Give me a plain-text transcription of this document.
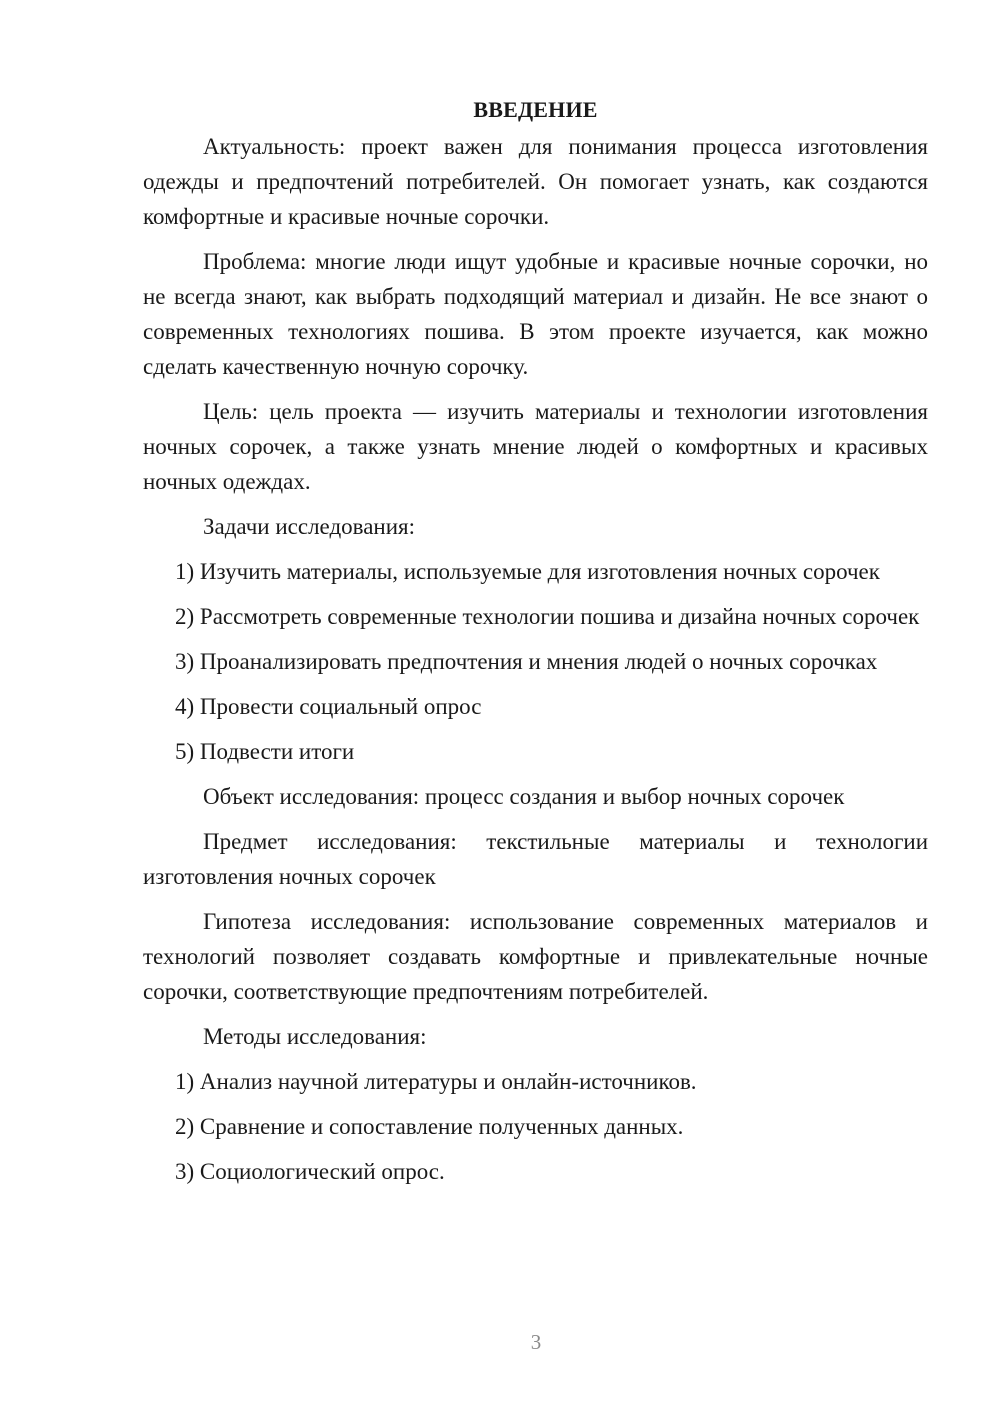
ВВЕДЕНИЕ

Актуальность: проект важен для понимания процесса изготовления одежды и предпочтений потребителей. Он помогает узнать, как создаются комфортные и красивые ночные сорочки.

Проблема: многие люди ищут удобные и красивые ночные сорочки, но не всегда знают, как выбрать подходящий материал и дизайн. Не все знают о современных технологиях пошива. В этом проекте изучается, как можно сделать качественную ночную сорочку.

Цель: цель проекта — изучить материалы и технологии изготовления ночных сорочек, а также узнать мнение людей о комфортных и красивых ночных одеждах.

Задачи исследования:

1) Изучить материалы, используемые для изготовления ночных сорочек

2) Рассмотреть современные технологии пошива и дизайна ночных сорочек

3) Проанализировать предпочтения и мнения людей о ночных сорочках

4) Провести социальный опрос

5) Подвести итоги

Объект исследования: процесс создания и выбор ночных сорочек

Предмет исследования: текстильные материалы и технологии изготовления ночных сорочек

Гипотеза исследования: использование современных материалов и технологий позволяет создавать комфортные и привлекательные ночные сорочки, соответствующие предпочтениям потребителей.

Методы исследования:

1) Анализ научной литературы и онлайн-источников.

2) Сравнение и сопоставление полученных данных.

3) Социологический опрос.

3
